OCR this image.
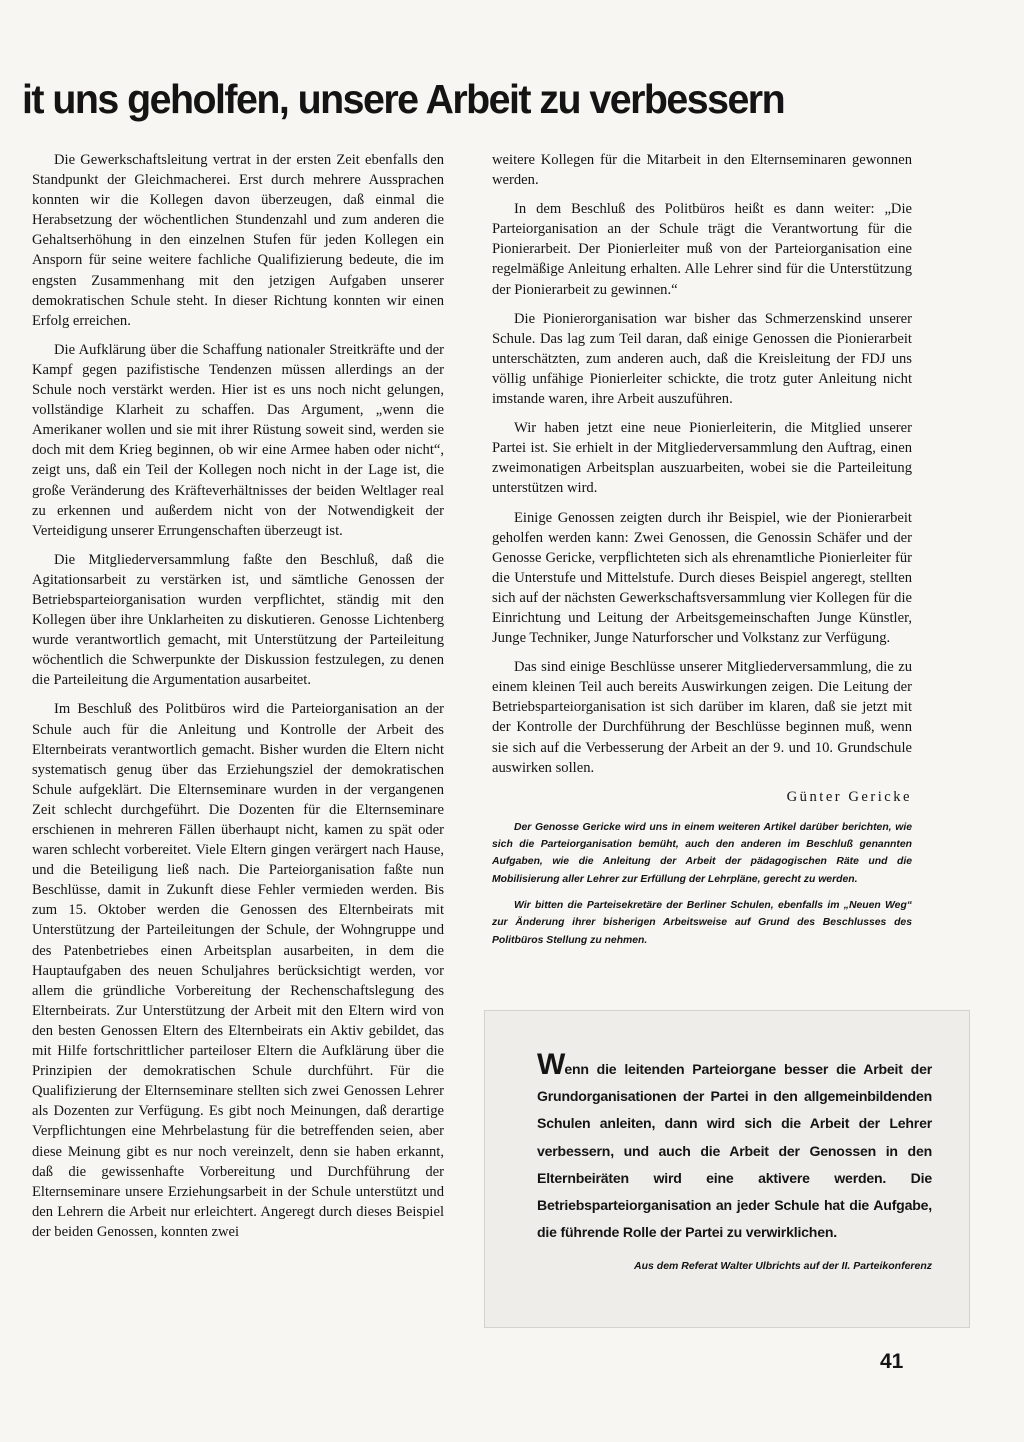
it uns geholfen, unsere Arbeit zu verbessern

Die Gewerkschaftsleitung vertrat in der ersten Zeit ebenfalls den Standpunkt der Gleichmacherei. Erst durch mehrere Aussprachen konnten wir die Kollegen davon überzeugen, daß einmal die Herabsetzung der wöchentlichen Stundenzahl und zum anderen die Gehaltserhöhung in den einzelnen Stufen für jeden Kollegen ein Ansporn für seine weitere fachliche Qualifizierung bedeute, die im engsten Zusammenhang mit den jetzigen Aufgaben unserer demokratischen Schule steht. In dieser Richtung konnten wir einen Erfolg erreichen.

Die Aufklärung über die Schaffung nationaler Streitkräfte und der Kampf gegen pazifistische Tendenzen müssen allerdings an der Schule noch verstärkt werden. Hier ist es uns noch nicht gelungen, vollständige Klarheit zu schaffen. Das Argument, „wenn die Amerikaner wollen und sie mit ihrer Rüstung soweit sind, werden sie doch mit dem Krieg beginnen, ob wir eine Armee haben oder nicht“, zeigt uns, daß ein Teil der Kollegen noch nicht in der Lage ist, die große Veränderung des Kräfteverhältnisses der beiden Weltlager real zu erkennen und außerdem nicht von der Notwendigkeit der Verteidigung unserer Errungenschaften überzeugt ist.

Die Mitgliederversammlung faßte den Beschluß, daß die Agitationsarbeit zu verstärken ist, und sämtliche Genossen der Betriebsparteiorganisation wurden verpflichtet, ständig mit den Kollegen über ihre Unklarheiten zu diskutieren. Genosse Lichtenberg wurde verantwortlich gemacht, mit Unterstützung der Parteileitung wöchentlich die Schwerpunkte der Diskussion festzulegen, zu denen die Parteileitung die Argumentation ausarbeitet.

Im Beschluß des Politbüros wird die Parteiorganisation an der Schule auch für die Anleitung und Kontrolle der Arbeit des Elternbeirats verantwortlich gemacht. Bisher wurden die Eltern nicht systematisch genug über das Erziehungsziel der demokratischen Schule aufgeklärt. Die Elternseminare wurden in der vergangenen Zeit schlecht durchgeführt. Die Dozenten für die Elternseminare erschienen in mehreren Fällen überhaupt nicht, kamen zu spät oder waren schlecht vorbereitet. Viele Eltern gingen verärgert nach Hause, und die Beteiligung ließ nach. Die Parteiorganisation faßte nun Beschlüsse, damit in Zukunft diese Fehler vermieden werden. Bis zum 15. Oktober werden die Genossen des Elternbeirats mit Unterstützung der Parteileitungen der Schule, der Wohngruppe und des Patenbetriebes einen Arbeitsplan ausarbeiten, in dem die Hauptaufgaben des neuen Schuljahres berücksichtigt werden, vor allem die gründliche Vorbereitung der Rechenschaftslegung des Elternbeirats. Zur Unterstützung der Arbeit mit den Eltern wird von den besten Genossen Eltern des Elternbeirats ein Aktiv gebildet, das mit Hilfe fortschrittlicher parteiloser Eltern die Aufklärung über die Prinzipien der demokratischen Schule durchführt. Für die Qualifizierung der Elternseminare stellten sich zwei Genossen Lehrer als Dozenten zur Verfügung. Es gibt noch Meinungen, daß derartige Verpflichtungen eine Mehrbelastung für die betreffenden seien, aber diese Meinung gibt es nur noch vereinzelt, denn sie haben erkannt, daß die gewissenhafte Vorbereitung und Durchführung der Elternseminare unsere Erziehungsarbeit in der Schule unterstützt und den Lehrern die Arbeit nur erleichtert. Angeregt durch dieses Beispiel der beiden Genossen, konnten zwei

weitere Kollegen für die Mitarbeit in den Elternseminaren gewonnen werden.

In dem Beschluß des Politbüros heißt es dann weiter: „Die Parteiorganisation an der Schule trägt die Verantwortung für die Pionierarbeit. Der Pionierleiter muß von der Parteiorganisation eine regelmäßige Anleitung erhalten. Alle Lehrer sind für die Unterstützung der Pionierarbeit zu gewinnen.“

Die Pionierorganisation war bisher das Schmerzenskind unserer Schule. Das lag zum Teil daran, daß einige Genossen die Pionierarbeit unterschätzten, zum anderen auch, daß die Kreisleitung der FDJ uns völlig unfähige Pionierleiter schickte, die trotz guter Anleitung nicht imstande waren, ihre Arbeit auszuführen.

Wir haben jetzt eine neue Pionierleiterin, die Mitglied unserer Partei ist. Sie erhielt in der Mitgliederversammlung den Auftrag, einen zweimonatigen Arbeitsplan auszuarbeiten, wobei sie die Parteileitung unterstützen wird.

Einige Genossen zeigten durch ihr Beispiel, wie der Pionierarbeit geholfen werden kann: Zwei Genossen, die Genossin Schäfer und der Genosse Gericke, verpflichteten sich als ehrenamtliche Pionierleiter für die Unterstufe und Mittelstufe. Durch dieses Beispiel angeregt, stellten sich auf der nächsten Gewerkschaftsversammlung vier Kollegen für die Einrichtung und Leitung der Arbeitsgemeinschaften Junge Künstler, Junge Techniker, Junge Naturforscher und Volkstanz zur Verfügung.

Das sind einige Beschlüsse unserer Mitgliederversammlung, die zu einem kleinen Teil auch bereits Auswirkungen zeigen. Die Leitung der Betriebsparteiorganisation ist sich darüber im klaren, daß sie jetzt mit der Kontrolle der Durchführung der Beschlüsse beginnen muß, wenn sie sich auf die Verbesserung der Arbeit an der 9. und 10. Grundschule auswirken sollen.

Günter Gericke

Der Genosse Gericke wird uns in einem weiteren Artikel darüber berichten, wie sich die Parteiorganisation bemüht, auch den anderen im Beschluß genannten Aufgaben, wie die Anleitung der Arbeit der pädagogischen Räte und die Mobilisierung aller Lehrer zur Erfüllung der Lehrpläne, gerecht zu werden.

Wir bitten die Parteisekretäre der Berliner Schulen, ebenfalls im „Neuen Weg“ zur Änderung ihrer bisherigen Arbeitsweise auf Grund des Beschlusses des Politbüros Stellung zu nehmen.

Wenn die leitenden Parteiorgane besser die Arbeit der Grundorganisationen der Partei in den allgemeinbildenden Schulen anleiten, dann wird sich die Arbeit der Lehrer verbessern, und auch die Arbeit der Genossen in den Elternbeiräten wird eine aktivere werden. Die Betriebsparteiorganisation an jeder Schule hat die Aufgabe, die führende Rolle der Partei zu verwirklichen.

Aus dem Referat Walter Ulbrichts auf der II. Parteikonferenz

41
